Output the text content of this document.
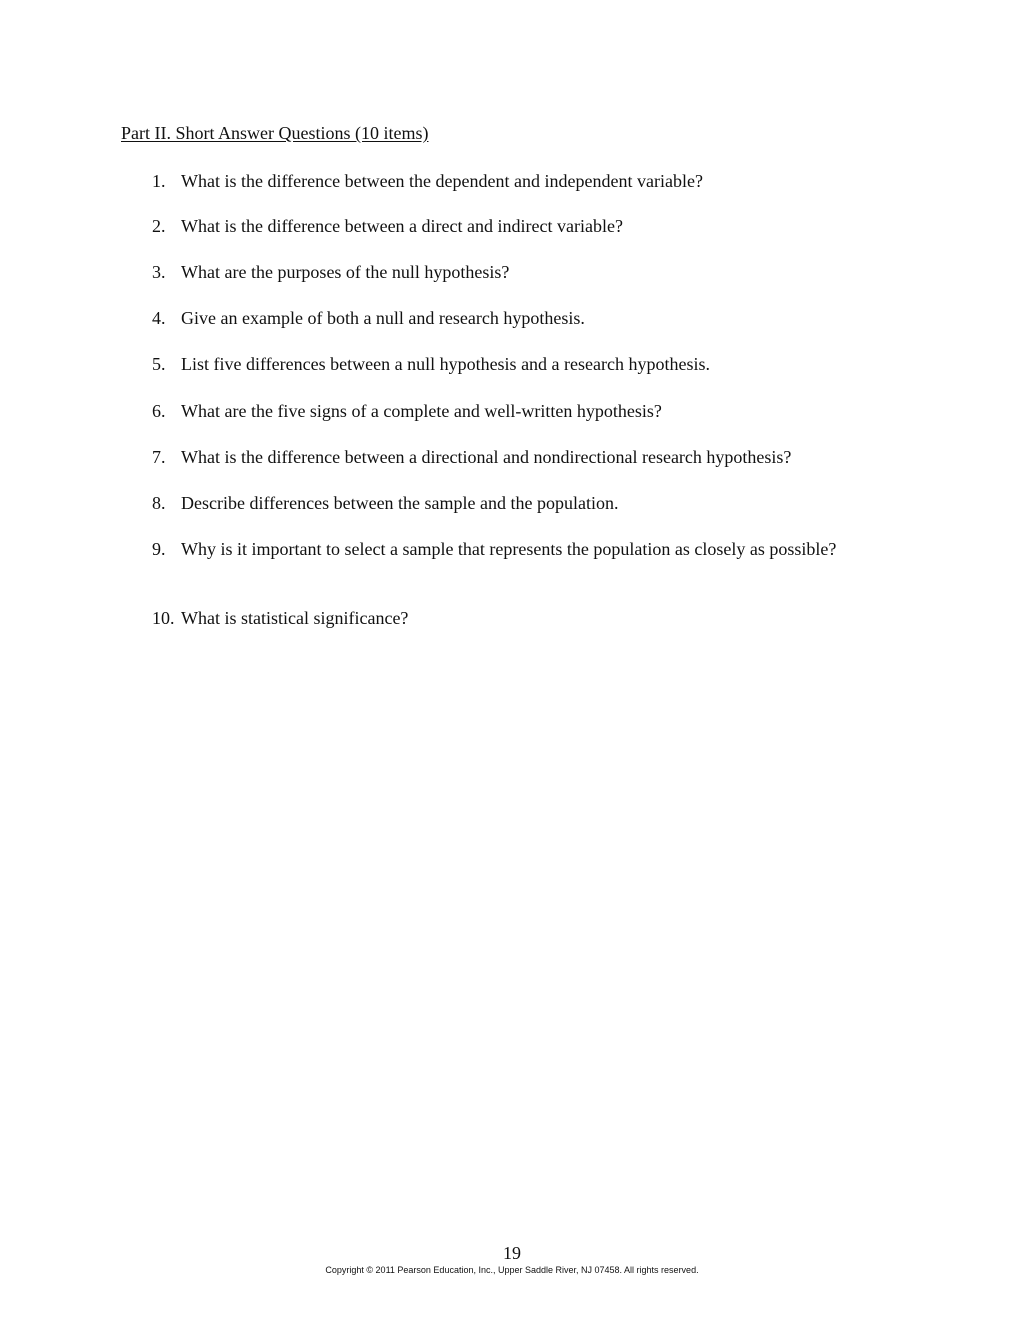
Part II. Short Answer Questions (10 items)
1. What is the difference between the dependent and independent variable?
2. What is the difference between a direct and indirect variable?
3. What are the purposes of the null hypothesis?
4. Give an example of both a null and research hypothesis.
5. List five differences between a null hypothesis and a research hypothesis.
6. What are the five signs of a complete and well-written hypothesis?
7. What is the difference between a directional and nondirectional research hypothesis?
8. Describe differences between the sample and the population.
9. Why is it important to select a sample that represents the population as closely as possible?
10. What is statistical significance?
19
Copyright © 2011 Pearson Education, Inc., Upper Saddle River, NJ 07458. All rights reserved.
